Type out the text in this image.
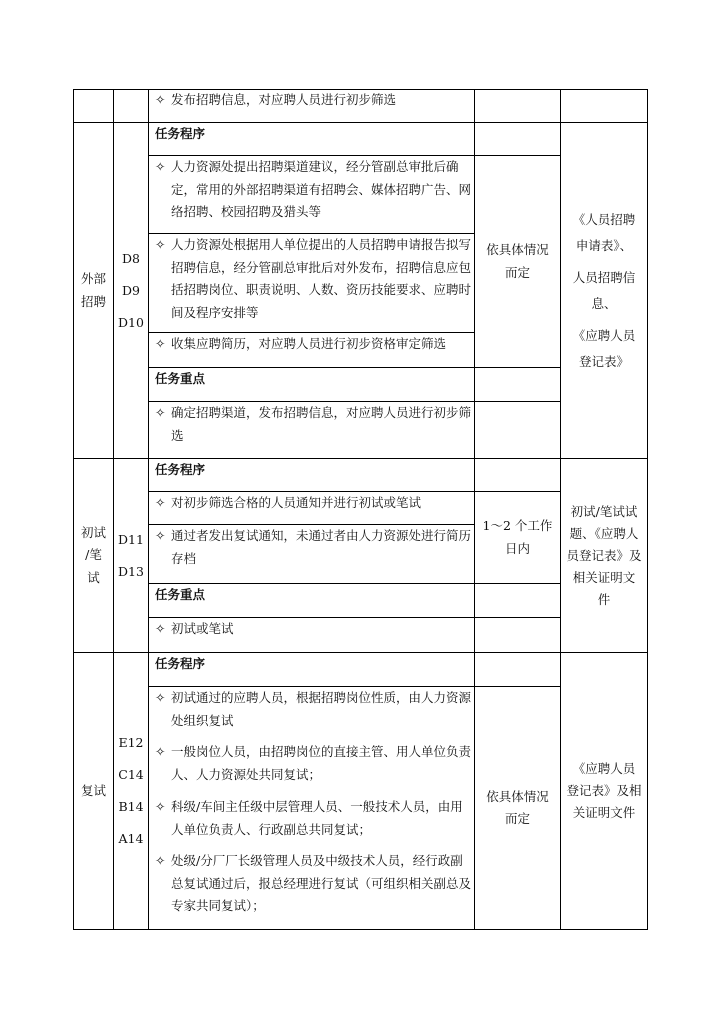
✧ 发布招聘信息，对应聘人员进行初步筛选
外部
招聘
D8
D9
D10
任务程序
✧ 人力资源处提出招聘渠道建议，经分管副总审批后确定，常用的外部招聘渠道有招聘会、媒体招聘广告、网络招聘、校园招聘及猎头等
✧ 人力资源处根据用人单位提出的人员招聘申请报告拟写招聘信息，经分管副总审批后对外发布，招聘信息应包括招聘岗位、职责说明、人数、资历技能要求、应聘时间及程序安排等
✧ 收集应聘简历，对应聘人员进行初步资格审定筛选
任务重点
✧ 确定招聘渠道，发布招聘信息，对应聘人员进行初步筛选
依具体情况
而定
《人员招聘
申请表》、
人员招聘信
息、
《应聘人员
登记表》
初试
/笔
试
D11
D13
任务程序
✧ 对初步筛选合格的人员通知并进行初试或笔试
✧ 通过者发出复试通知，未通过者由人力资源处进行简历存档
任务重点
✧ 初试或笔试
1～2 个工作
日内
初试/笔试试
题、《应聘人
员登记表》及
相关证明文
件
复试
E12
C14
B14
A14
任务程序
✧ 初试通过的应聘人员，根据招聘岗位性质，由人力资源处组织复试
✧ 一般岗位人员，由招聘岗位的直接主管、用人单位负责人、人力资源处共同复试；
✧ 科级/车间主任级中层管理人员、一般技术人员，由用人单位负责人、行政副总共同复试；
✧ 处级/分厂厂长级管理人员及中级技术人员，经行政副总复试通过后，报总经理进行复试（可组织相关副总及专家共同复试）；
依具体情况
而定
《应聘人员
登记表》及相
关证明文件
